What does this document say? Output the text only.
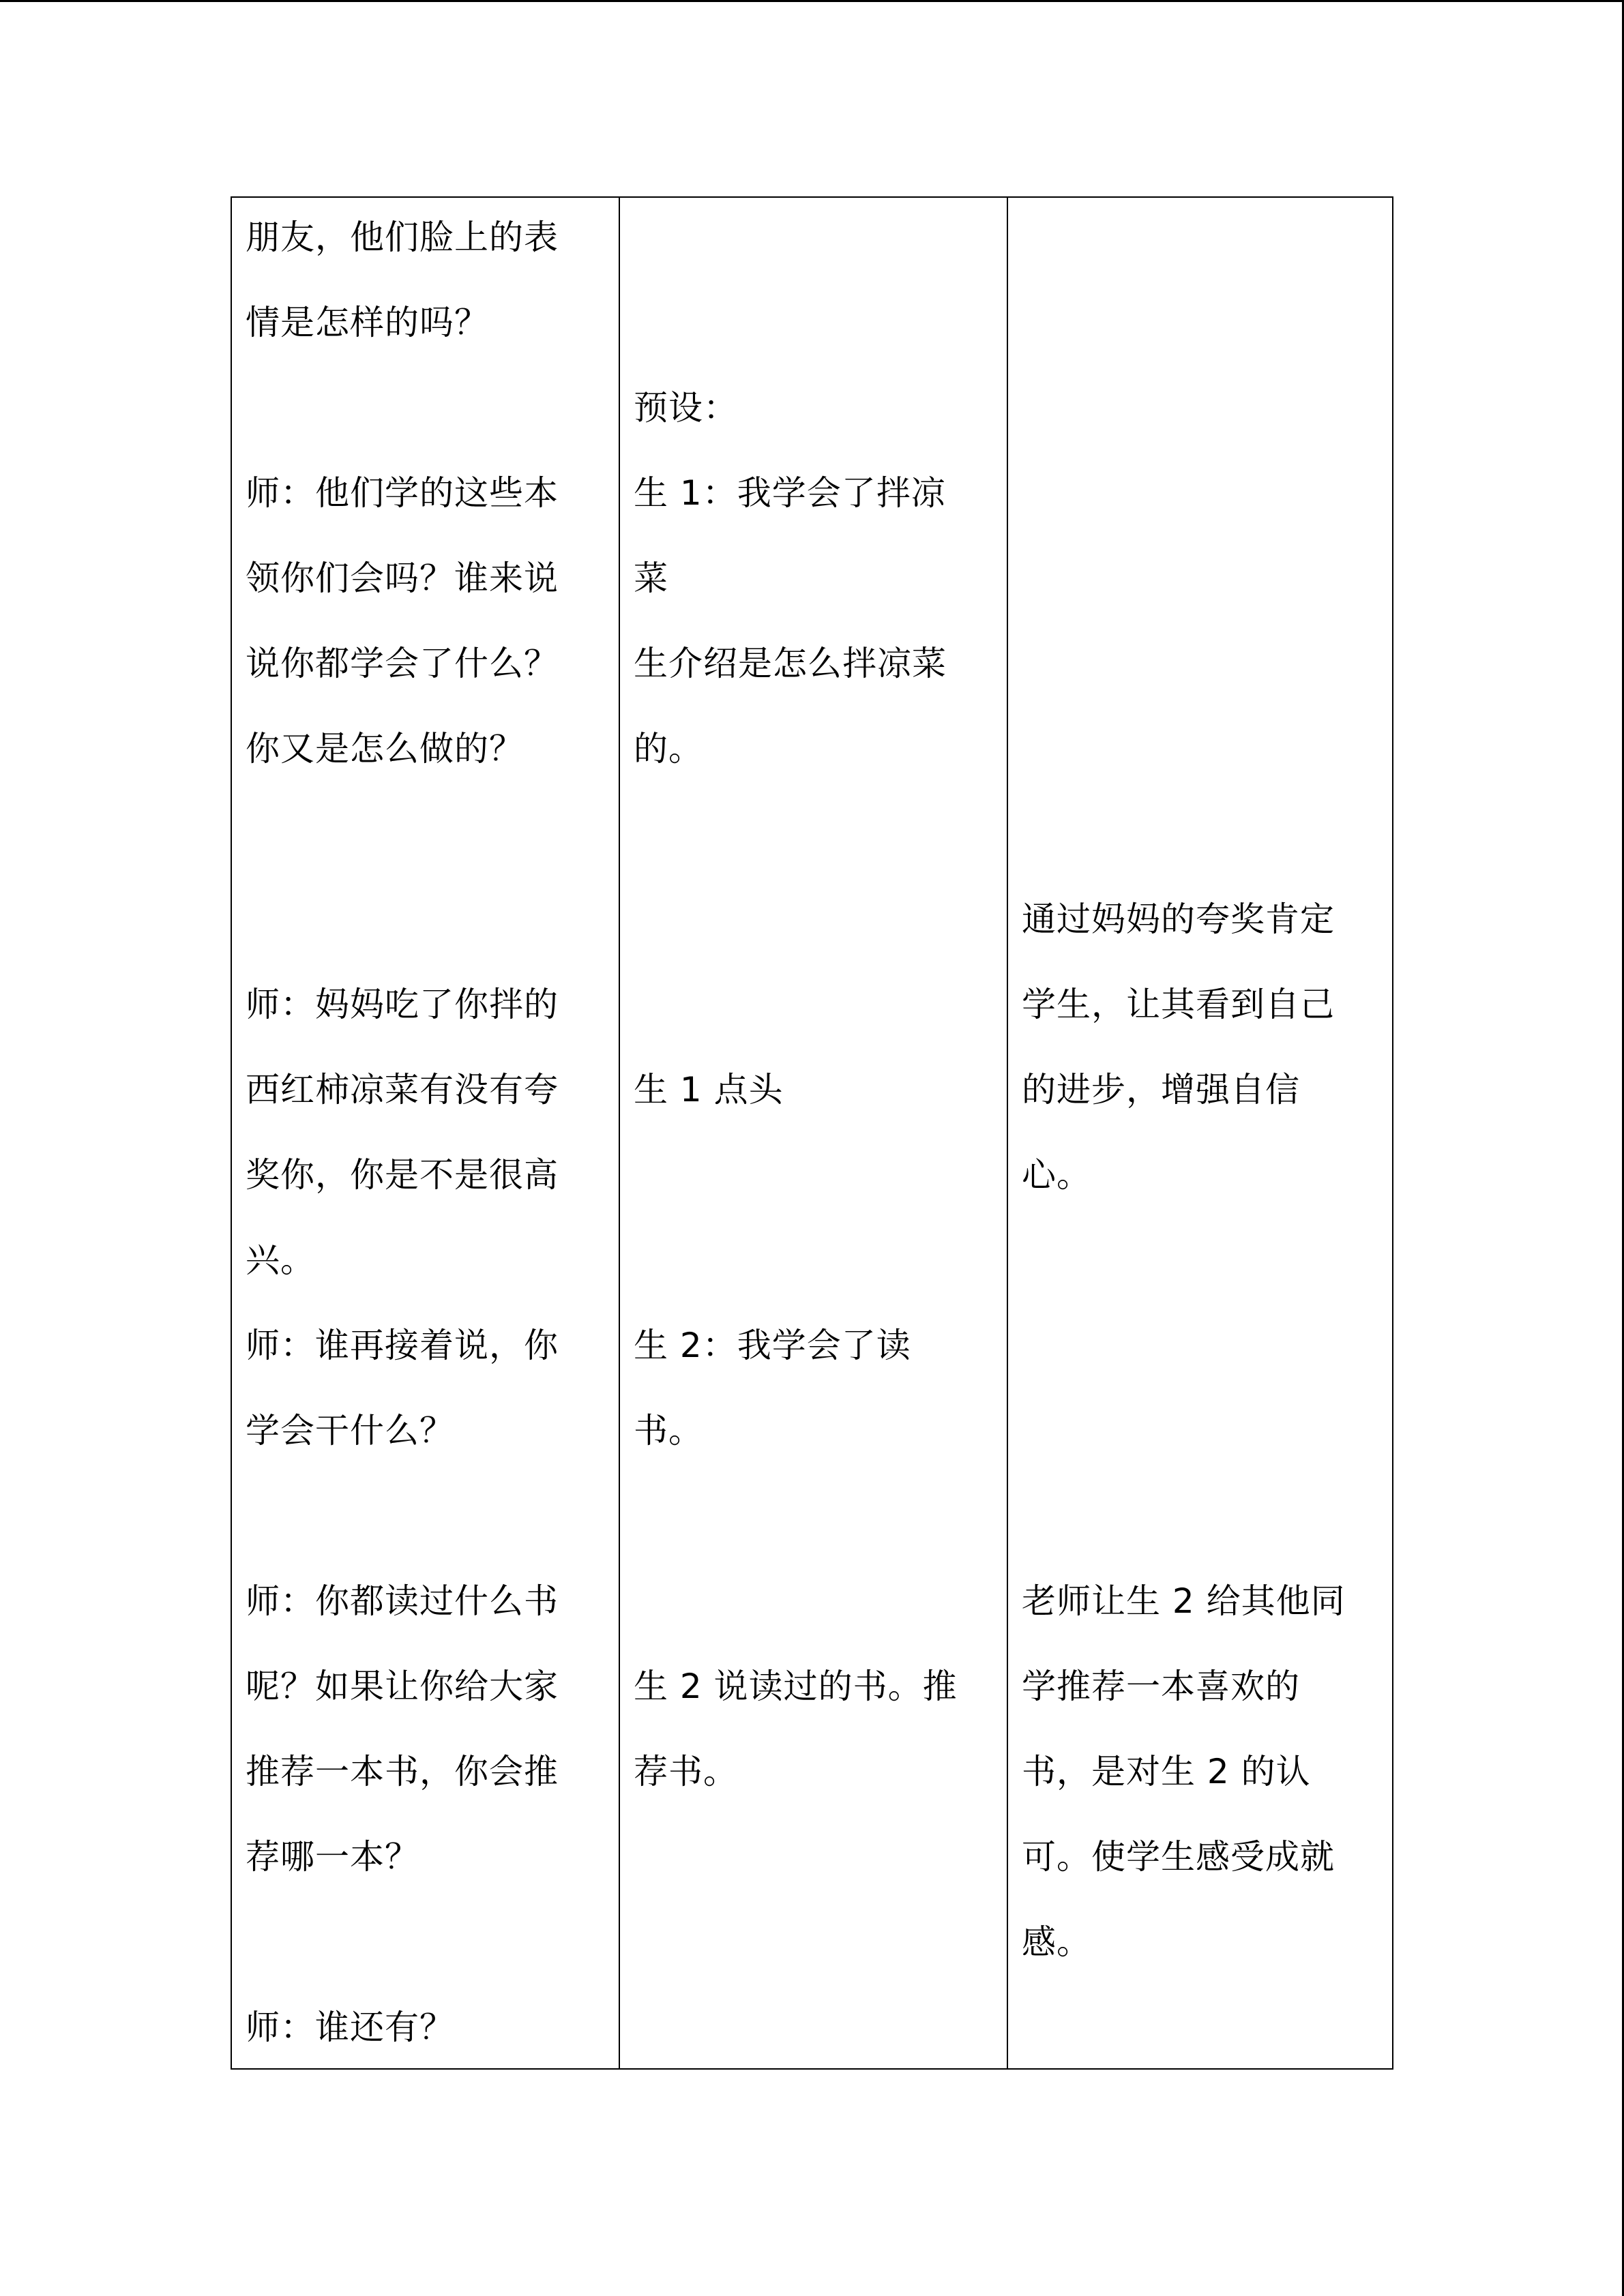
朋友，他们脸上的表
情是怎样的吗？
师：他们学的这些本
领你们会吗？谁来说
说你都学会了什么？
你又是怎么做的？
师：妈妈吃了你拌的
西红柿凉菜有没有夸
奖你，你是不是很高
兴。
师：谁再接着说，你
学会干什么？
师：你都读过什么书
呢？如果让你给大家
推荐一本书，你会推
荐哪一本？
师：谁还有？
预设：
生 1：我学会了拌凉
菜
生介绍是怎么拌凉菜
的。
生 1 点头
生 2：我学会了读
书。
生 2 说读过的书。推
荐书。
通过妈妈的夸奖肯定
学生，让其看到自己
的进步，增强自信
心。
老师让生 2 给其他同
学推荐一本喜欢的
书，是对生 2 的认
可。使学生感受成就
感。
